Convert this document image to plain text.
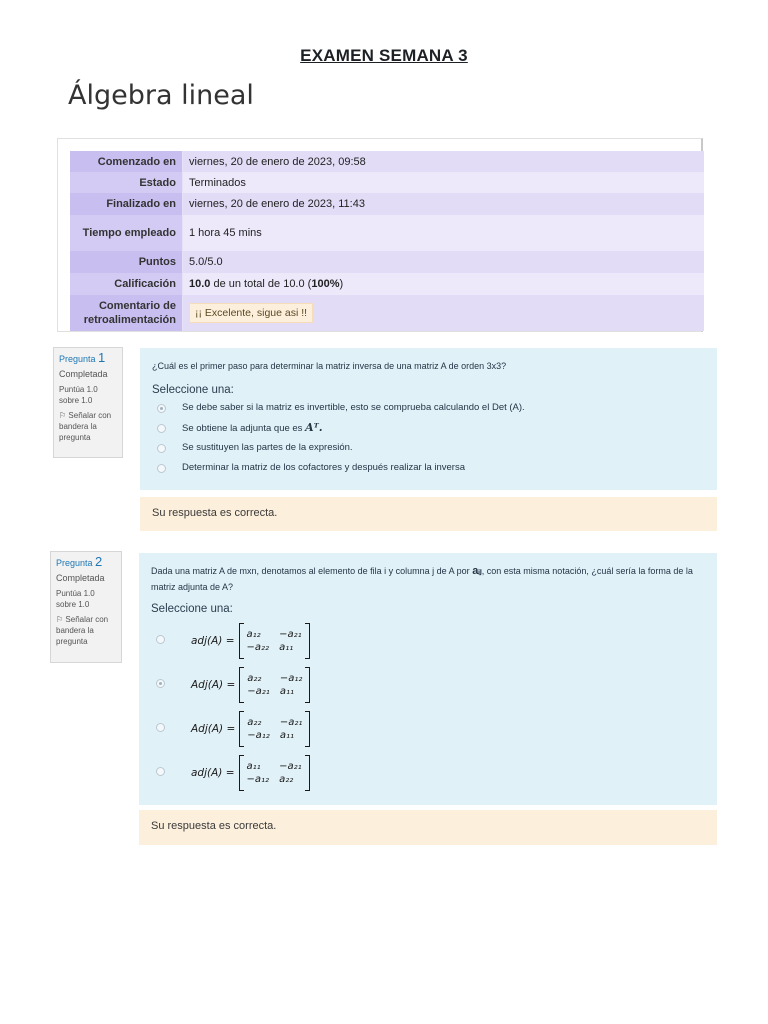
EXAMEN SEMANA 3
Álgebra lineal
Comenzado en	viernes, 20 de enero de 2023, 09:58
Estado	Terminados
Finalizado en	viernes, 20 de enero de 2023, 11:43
Tiempo empleado	1 hora 45 mins
Puntos	5.0/5.0
Calificación	10.0 de un total de 10.0 (100%)
Comentario de retroalimentación	¡¡ Excelente, sigue asi !!
Pregunta 1
Completada
Puntúa 1.0 sobre 1.0
⚐ Señalar con bandera la pregunta
¿Cuál es el primer paso para determinar la matriz inversa de una matriz A de orden 3x3?
Seleccione una:
Se debe saber si la matriz es invertible, esto se comprueba calculando el Det (A).
Se obtiene la adjunta que es Aᵀ.
Se sustituyen las partes de la expresión.
Determinar la matriz de los cofactores y después realizar la inversa
Su respuesta es correcta.
Pregunta 2
Completada
Puntúa 1.0 sobre 1.0
⚐ Señalar con bandera la pregunta
Dada una matriz A de mxn, denotamos al elemento de fila i y columna j de A por aᵢⱼ, con esta misma notación, ¿cuál sería la forma de la matriz adjunta de A?
Seleccione una:
adj(A) =
a₁₂	−a₂₁
−a₂₂ a₁₁
Adj(A) =
a₂₂	−a₁₂
−a₂₁ a₁₁
Adj(A) =
a₂₂	−a₂₁
−a₁₂ a₁₁
adj(A) =
a₁₁	−a₂₁
−a₁₂ a₂₂
Su respuesta es correcta.
